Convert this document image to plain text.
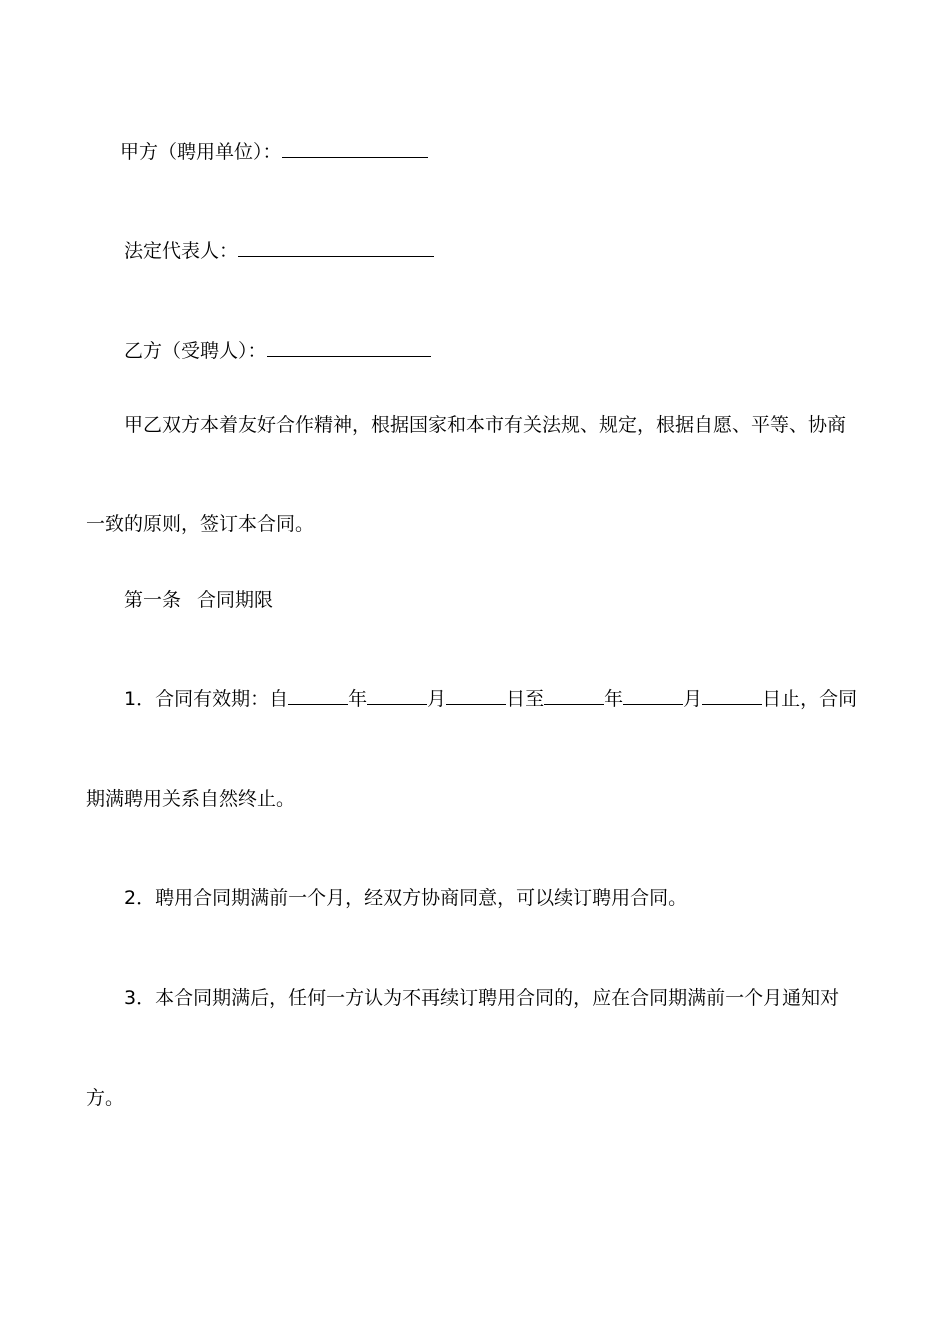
甲方（聘用单位）：
法定代表人：
乙方（受聘人）：
甲乙双方本着友好合作精神，根据国家和本市有关法规、规定，根据自愿、平等、协商
一致的原则，签订本合同。
第一条 合同期限
1．合同有效期：自	年	月	日至	年	月	日止，合同
期满聘用关系自然终止。
2．聘用合同期满前一个月，经双方协商同意，可以续订聘用合同。
3．本合同期满后，任何一方认为不再续订聘用合同的，应在合同期满前一个月通知对
方。
